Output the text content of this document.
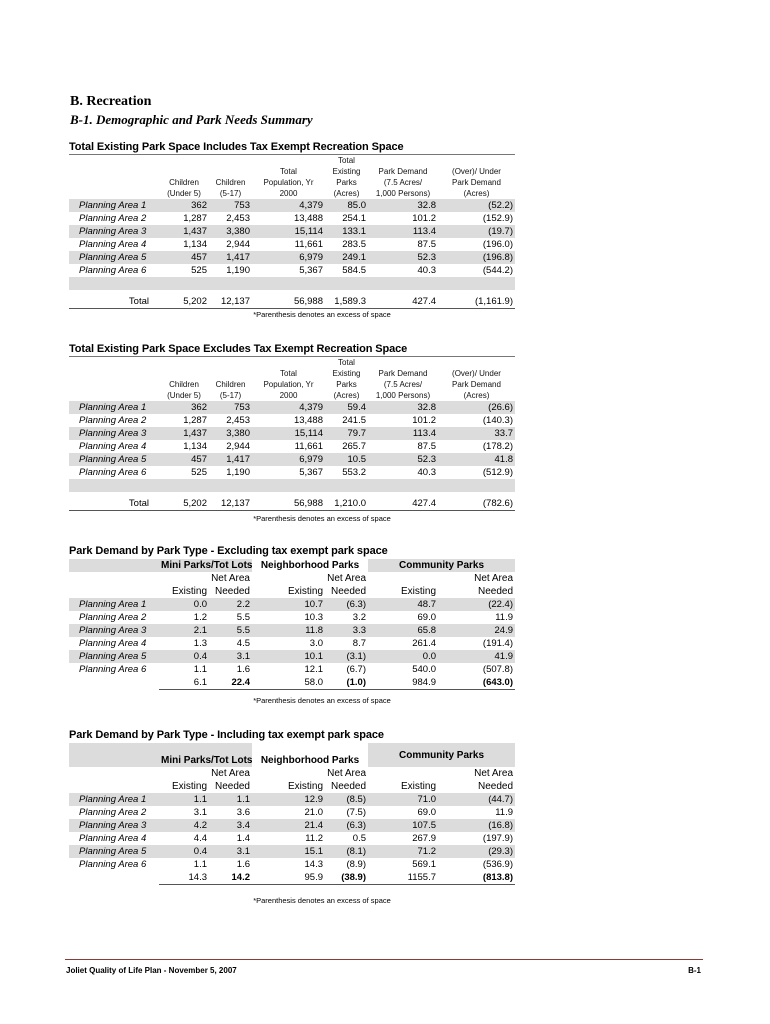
B. Recreation
B-1. Demographic and Park Needs Summary
Total Existing Park Space Includes Tax Exempt Recreation Space
				Total		
			Total	Existing	Park Demand	(Over)/ Under
	Children	Children	Population, Yr	Parks	(7.5 Acres/	Park Demand
	(Under 5)	(5-17)	2000	(Acres)	1,000 Persons)	(Acres)
Planning Area 1	362	753	4,379	85.0	32.8	(52.2)
Planning Area 2	1,287	2,453	13,488	254.1	101.2	(152.9)
Planning Area 3	1,437	3,380	15,114	133.1	113.4	(19.7)
Planning Area 4	1,134	2,944	11,661	283.5	87.5	(196.0)
Planning Area 5	457	1,417	6,979	249.1	52.3	(196.8)
Planning Area 6	525	1,190	5,367	584.5	40.3	(544.2)

Total	5,202	12,137	56,988	1,589.3	427.4	(1,161.9)
*Parenthesis denotes an excess of space
Total Existing Park Space Excludes Tax Exempt Recreation Space
				Total		
			Total	Existing	Park Demand	(Over)/ Under
	Children	Children	Population, Yr	Parks	(7.5 Acres/	Park Demand
	(Under 5)	(5-17)	2000	(Acres)	1,000 Persons)	(Acres)
Planning Area 1	362	753	4,379	59.4	32.8	(26.6)
Planning Area 2	1,287	2,453	13,488	241.5	101.2	(140.3)
Planning Area 3	1,437	3,380	15,114	79.7	113.4	33.7
Planning Area 4	1,134	2,944	11,661	265.7	87.5	(178.2)
Planning Area 5	457	1,417	6,979	10.5	52.3	41.8
Planning Area 6	525	1,190	5,367	553.2	40.3	(512.9)

Total	5,202	12,137	56,988	1,210.0	427.4	(782.6)
*Parenthesis denotes an excess of space
Park Demand by Park Type - Excluding tax exempt park space
	Mini Parks/Tot Lots		Neighborhood Parks		Community Parks	
		Net Area		Net Area		Net Area
	Existing	Needed	Existing	Needed	Existing	Needed
Planning Area 1	0.0	2.2	10.7	(6.3)	48.7	(22.4)
Planning Area 2	1.2	5.5	10.3	3.2	69.0	11.9
Planning Area 3	2.1	5.5	11.8	3.3	65.8	24.9
Planning Area 4	1.3	4.5	3.0	8.7	261.4	(191.4)
Planning Area 5	0.4	3.1	10.1	(3.1)	0.0	41.9
Planning Area 6	1.1	1.6	12.1	(6.7)	540.0	(507.8)
	6.1	22.4	58.0	(1.0)	984.9	(643.0)
*Parenthesis denotes an excess of space
Park Demand by Park Type - Including tax exempt park space
	Mini Parks/Tot Lots		Neighborhood Parks		Community Parks	
		Net Area		Net Area		Net Area
	Existing	Needed	Existing	Needed	Existing	Needed
Planning Area 1	1.1	1.1	12.9	(8.5)	71.0	(44.7)
Planning Area 2	3.1	3.6	21.0	(7.5)	69.0	11.9
Planning Area 3	4.2	3.4	21.4	(6.3)	107.5	(16.8)
Planning Area 4	4.4	1.4	11.2	0.5	267.9	(197.9)
Planning Area 5	0.4	3.1	15.1	(8.1)	71.2	(29.3)
Planning Area 6	1.1	1.6	14.3	(8.9)	569.1	(536.9)
	14.3	14.2	95.9	(38.9)	1155.7	(813.8)
*Parenthesis denotes an excess of space
Joliet Quality of Life Plan - November 5, 2007	B-1
